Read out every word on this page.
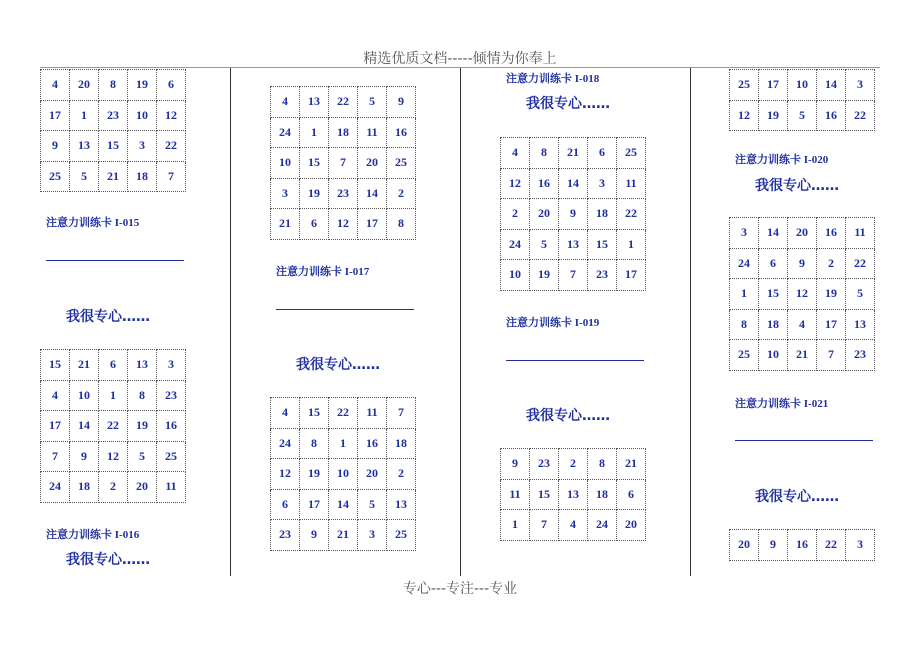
精选优质文档-----倾情为你奉上
4	20	8	19	6
17	1	23	10	12
9	13	15	3	22
25	5	21	18	7
注意力训练卡 I-015
我很专心……
15	21	6	13	3
4	10	1	8	23
17	14	22	19	16
7	9	12	5	25
24	18	2	20	11
注意力训练卡 I-016
我很专心……
4	13	22	5	9
24	1	18	11	16
10	15	7	20	25
3	19	23	14	2
21	6	12	17	8
注意力训练卡 I-017
我很专心……
4	15	22	11	7
24	8	1	16	18
12	19	10	20	2
6	17	14	5	13
23	9	21	3	25
注意力训练卡 I-018
我很专心……
4	8	21	6	25
12	16	14	3	11
2	20	9	18	22
24	5	13	15	1
10	19	7	23	17
注意力训练卡 I-019
我很专心……
9	23	2	8	21
11	15	13	18	6
1	7	4	24	20
25	17	10	14	3
12	19	5	16	22
注意力训练卡 I-020
我很专心……
3	14	20	16	11
24	6	9	2	22
1	15	12	19	5
8	18	4	17	13
25	10	21	7	23
注意力训练卡 I-021
我很专心……
20	9	16	22	3
专心---专注---专业
